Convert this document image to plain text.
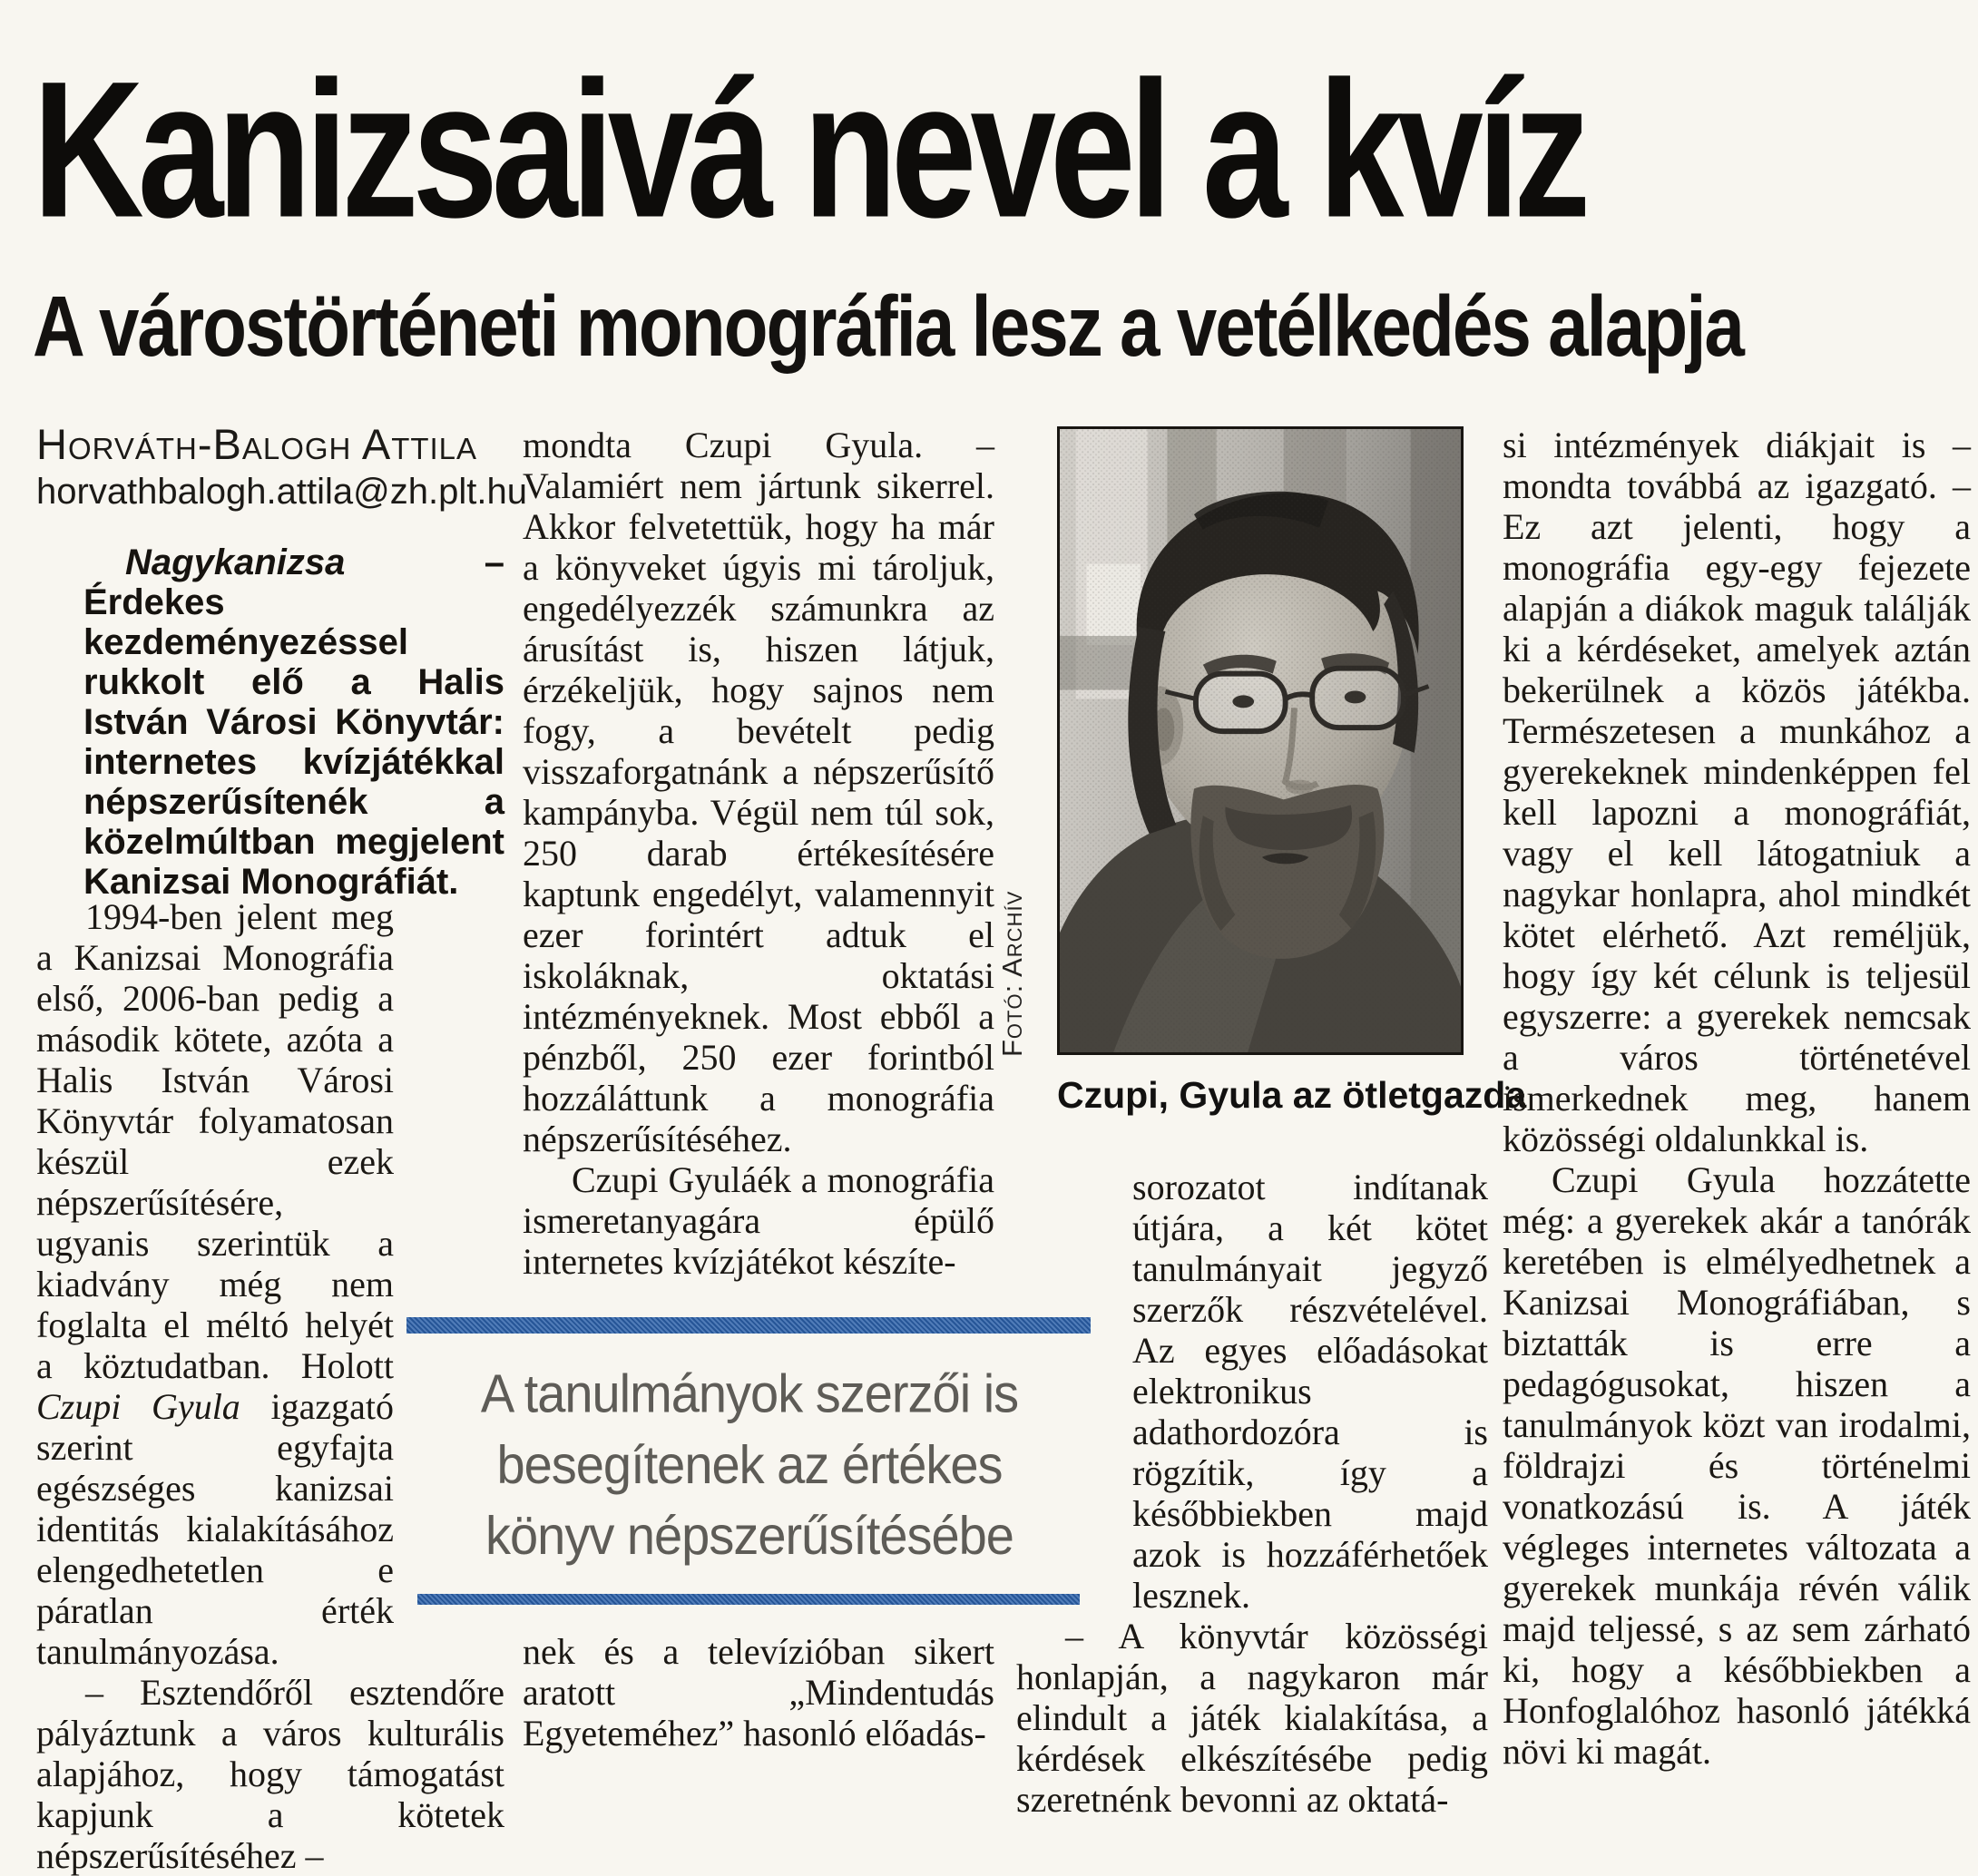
Kanizsaivá nevel a kvíz
A várostörténeti monográfia lesz a vetélkedés alapja
Horváth-Balogh Attila
horvathbalogh.attila@zh.plt.hu
Nagykanizsa – Érdekes kezdeményezéssel rukkolt elő a Halis István Városi Könyvtár: internetes kvízjátékkal népszerűsítenék a közelmúltban megjelent Kanizsai Monográfiát.
1994-ben jelent meg a Kanizsai Monográfia első, 2006-ban pedig a második kötete, azóta a Halis István Városi Könyvtár folyamatosan készül ezek népszerűsítésére, ugyanis szerintük a kiadvány még nem foglalta el méltó helyét a köztudatban. Holott Czupi Gyula igazgató szerint egyfajta egészséges kanizsai identitás kialakításához elengedhetetlen e páratlan érték tanulmányozása.
– Esztendőről esztendőre pályáztunk a város kulturális alapjához, hogy támogatást kapjunk a kötetek népszerűsítéséhez –
mondta Czupi Gyula. – Valamiért nem jártunk sikerrel. Akkor felvetettük, hogy ha már a könyveket úgyis mi tároljuk, engedélyezzék számunkra az árusítást is, hiszen látjuk, érzékeljük, hogy sajnos nem fogy, a bevételt pedig visszaforgatnánk a népszerűsítő kampányba. Végül nem túl sok, 250 darab értékesítésére kaptunk engedélyt, valamennyit ezer forintért adtuk el iskoláknak, oktatási intézményeknek. Most ebből a pénzből, 250 ezer forintból hozzáláttunk a monográfia népszerűsítéséhez.
Czupi Gyuláék a monográfia ismeretanyagára épülő internetes kvízjátékot készíte-
A tanulmányok szerzői is besegítenek az értékes könyv népszerűsítésébe
nek és a televízióban sikert aratott „Mindentudás Egyeteméhez” hasonló előadás-
Fotó: Archív
Czupi, Gyula az ötletgazda
sorozatot indítanak útjára, a két kötet tanulmányait jegyző szerzők részvételével. Az egyes előadásokat elektronikus adathordozóra is rögzítik, így a későbbiekben majd azok is hozzáférhetőek lesznek.
– A könyvtár közösségi honlapján, a nagykaron már elindult a játék kialakítása, a kérdések elkészítésébe pedig szeretnénk bevonni az oktatá-
si intézmények diákjait is – mondta továbbá az igazgató. – Ez azt jelenti, hogy a monográfia egy-egy fejezete alapján a diákok maguk találják ki a kérdéseket, amelyek aztán bekerülnek a közös játékba. Természetesen a munkához a gyerekeknek mindenképpen fel kell lapozni a monográfiát, vagy el kell látogatniuk a nagykar honlapra, ahol mindkét kötet elérhető. Azt reméljük, hogy így két célunk is teljesül egyszerre: a gyerekek nemcsak a város történetével ismerkednek meg, hanem közösségi oldalunkkal is.
Czupi Gyula hozzátette még: a gyerekek akár a tanórák keretében is elmélyedhetnek a Kanizsai Monográfiában, s biztatták is erre a pedagógusokat, hiszen a tanulmányok közt van irodalmi, földrajzi és történelmi vonatkozású is. A játék végleges internetes változata a gyerekek munkája révén válik majd teljessé, s az sem zárható ki, hogy a későbbiekben a Honfoglalóhoz hasonló játékká növi ki magát.
